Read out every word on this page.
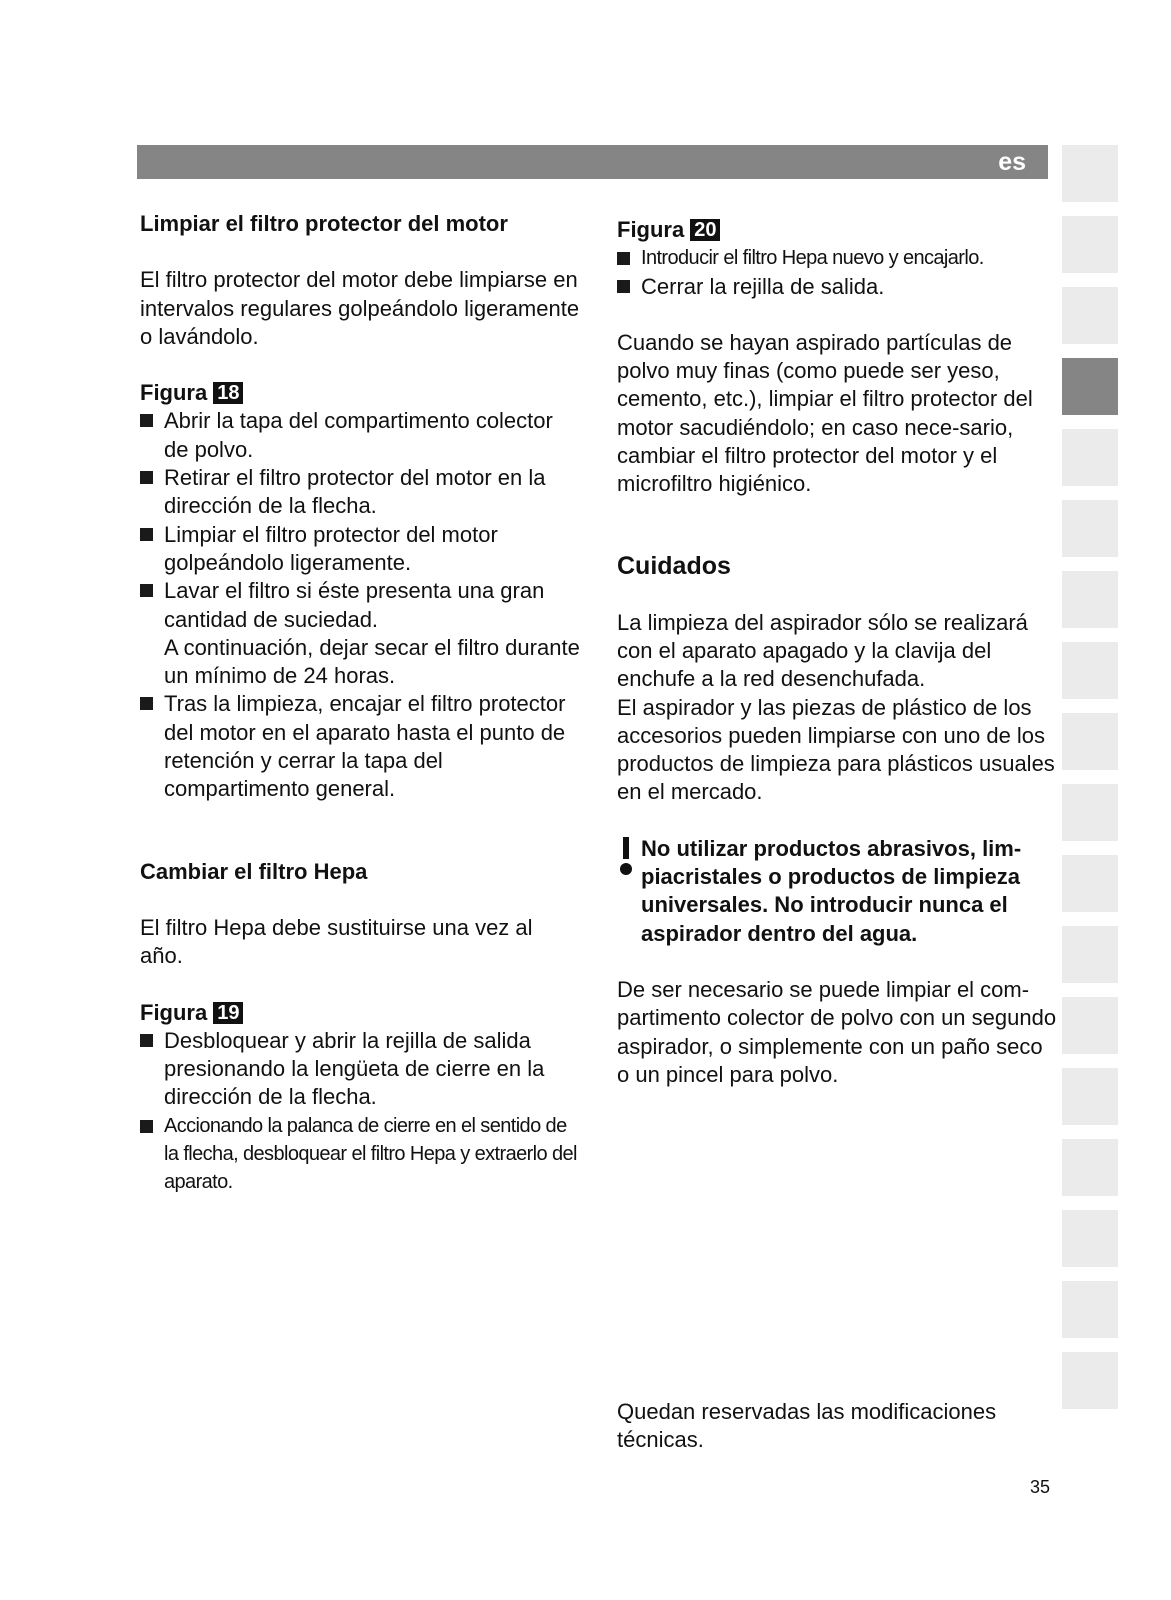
es
Limpiar el filtro protector del motor

El filtro protector del motor debe limpiarse en intervalos regulares golpeándolo ligeramente o lavándolo.

Figura 18
Abrir la tapa del compartimento colector de polvo.
Retirar el filtro protector del motor en la dirección de la flecha.
Limpiar el filtro protector del motor golpeándolo ligeramente.
Lavar el filtro si éste presenta una gran cantidad de suciedad.
A continuación, dejar secar el filtro durante un mínimo de 24 horas.
Tras la limpieza, encajar el filtro protector del motor en el aparato hasta el punto de retención y cerrar la tapa del compartimento general.
Cambiar el filtro Hepa

El filtro Hepa debe sustituirse una vez al año.

Figura 19
Desbloquear y abrir la rejilla de salida presionando la lengüeta de cierre en la dirección de la flecha.
Accionando la palanca de cierre en el sentido de la flecha, desbloquear el filtro Hepa y extraerlo del aparato.
Figura 20
Introducir el filtro Hepa nuevo y encajarlo.
Cerrar la rejilla de salida.

Cuando se hayan aspirado partículas de polvo muy finas (como puede ser yeso, cemento, etc.), limpiar el filtro protector del motor sacudiéndolo; en caso nece-sario, cambiar el filtro protector del motor y el microfiltro higiénico.

Cuidados

La limpieza del aspirador sólo se realizará con el aparato apagado y la clavija del enchufe a la red desenchufada.

El aspirador y las piezas de plástico de los accesorios pueden limpiarse con uno de los productos de limpieza para plásticos usuales en el mercado.

No utilizar productos abrasivos, lim-piacristales o productos de limpieza universales. No introducir nunca el aspirador dentro del agua.

De ser necesario se puede limpiar el com-partimento colector de polvo con un segundo aspirador, o simplemente con un paño seco o un pincel para polvo.

Quedan reservadas las modificaciones técnicas.
35
